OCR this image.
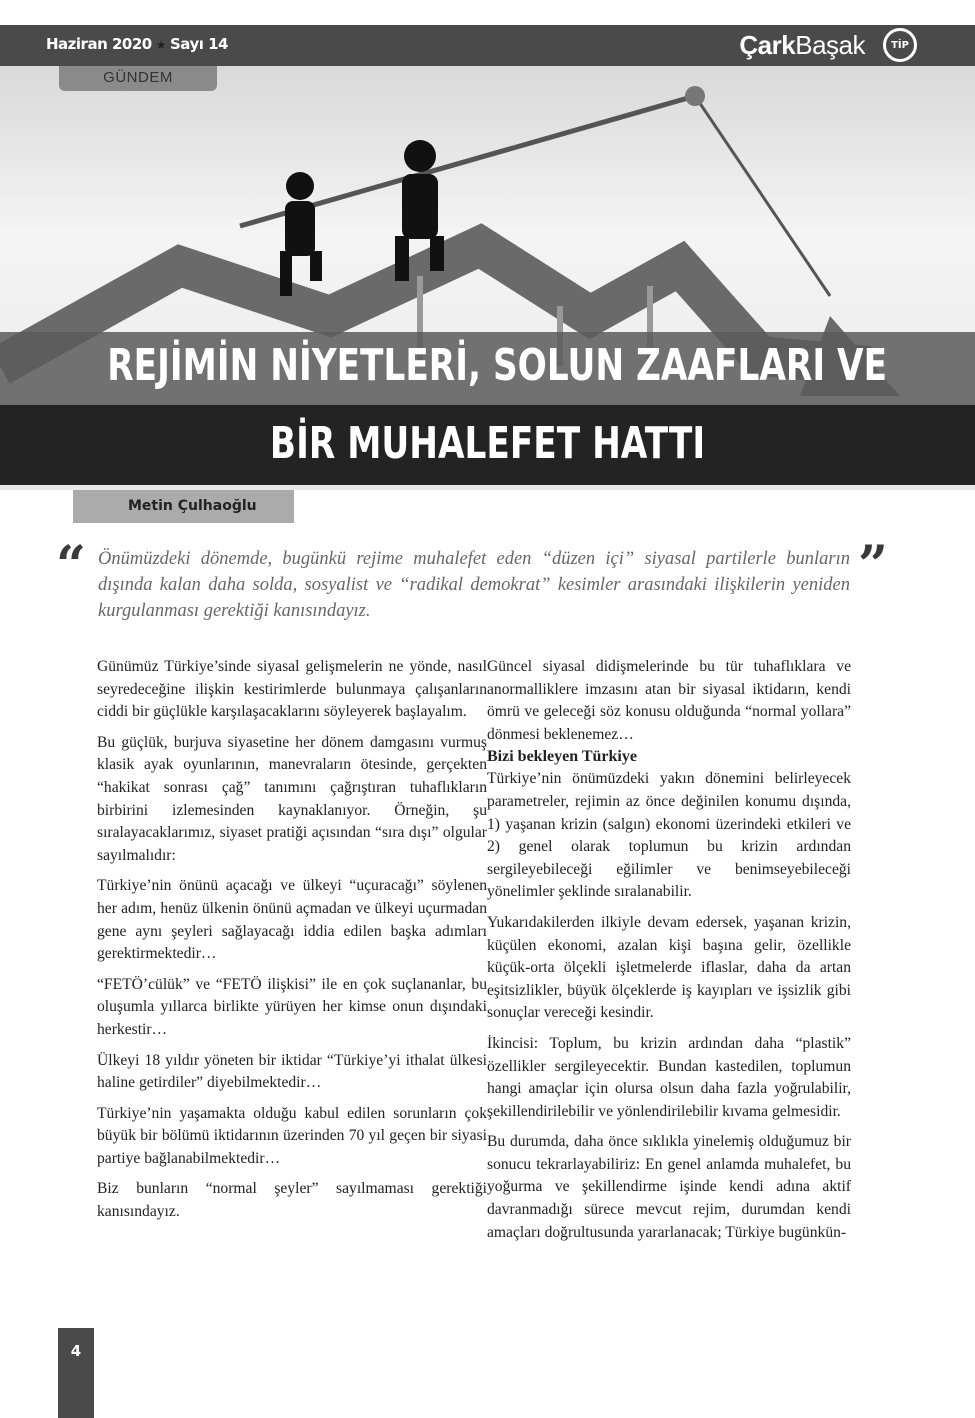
Haziran 2020 ★ Sayı 14	ÇarkBaşak	TİP
GÜNDEM
REJİMİN NİYETLERİ, SOLUN ZAAFLARI VE
BİR MUHALEFET HATTI
Metin Çulhaoğlu
“ Önümüzdeki dönemde, bugünkü rejime muhalefet eden “düzen içi” siyasal partilerle bunların dışında kalan daha solda, sosyalist ve “radikal demokrat” kesimler arasındaki ilişkilerin yeniden kurgulanması gerektiği kanısındayız.
”

Günümüz Türkiye’sinde siyasal gelişmelerin ne yönde, nasıl seyredeceğine ilişkin kestirimlerde bulunmaya çalışanların ciddi bir güçlükle karşılaşacaklarını söyleyerek başlayalım.

Bu güçlük, burjuva siyasetine her dönem damgasını vurmuş klasik ayak oyunlarının, manevraların ötesinde, gerçekten “hakikat sonrası çağ” tanımını çağrıştıran tuhaflıkların birbirini izlemesinden kaynaklanıyor. Örneğin, şu sıralayacaklarımız, siyaset pratiği açısından “sıra dışı” olgular sayılmalıdır:

Türkiye’nin önünü açacağı ve ülkeyi “uçuracağı” söylenen her adım, henüz ülkenin önünü açmadan ve ülkeyi uçurmadan gene aynı şeyleri sağlayacağı iddia edilen başka adımları gerektirmektedir…

“FETÖ’cülük” ve “FETÖ ilişkisi” ile en çok suçlananlar, bu oluşumla yıllarca birlikte yürüyen her kimse onun dışındaki herkestir…

Ülkeyi 18 yıldır yöneten bir iktidar “Türkiye’yi ithalat ülkesi haline getirdiler” diyebilmektedir…

Türkiye’nin yaşamakta olduğu kabul edilen sorunların çok büyük bir bölümü iktidarının üzerinden 70 yıl geçen bir siyasi partiye bağlanabilmektedir…

Biz bunların “normal şeyler” sayılmaması gerektiği kanısındayız.

Güncel siyasal didişmelerinde bu tür tuhaflıklara ve anormalliklere imzasını atan bir siyasal iktidarın, kendi ömrü ve geleceği söz konusu olduğunda “normal yollara” dönmesi beklenemez…

Bizi bekleyen Türkiye

Türkiye’nin önümüzdeki yakın dönemini belirleyecek parametreler, rejimin az önce değinilen konumu dışında, 1) yaşanan krizin (salgın) ekonomi üzerindeki etkileri ve 2) genel olarak toplumun bu krizin ardından sergileyebileceği eğilimler ve benimseyebileceği yönelimler şeklinde sıralanabilir.

Yukarıdakilerden ilkiyle devam edersek, yaşanan krizin, küçülen ekonomi, azalan kişi başına gelir, özellikle küçük-orta ölçekli işletmelerde iflaslar, daha da artan eşitsizlikler, büyük ölçeklerde iş kayıpları ve işsizlik gibi sonuçlar vereceği kesindir.

İkincisi: Toplum, bu krizin ardından daha “plastik” özellikler sergileyecektir. Bundan kastedilen, toplumun hangi amaçlar için olursa olsun daha fazla yoğrulabilir, şekillendirilebilir ve yönlendirilebilir kıvama gelmesidir.

Bu durumda, daha önce sıklıkla yinelemiş olduğumuz bir sonucu tekrarlayabiliriz: En genel anlamda muhalefet, bu yoğurma ve şekillendirme işinde kendi adına aktif davranmadığı sürece mevcut rejim, durumdan kendi amaçları doğrultusunda yararlanacak; Türkiye bugünkün-

4
